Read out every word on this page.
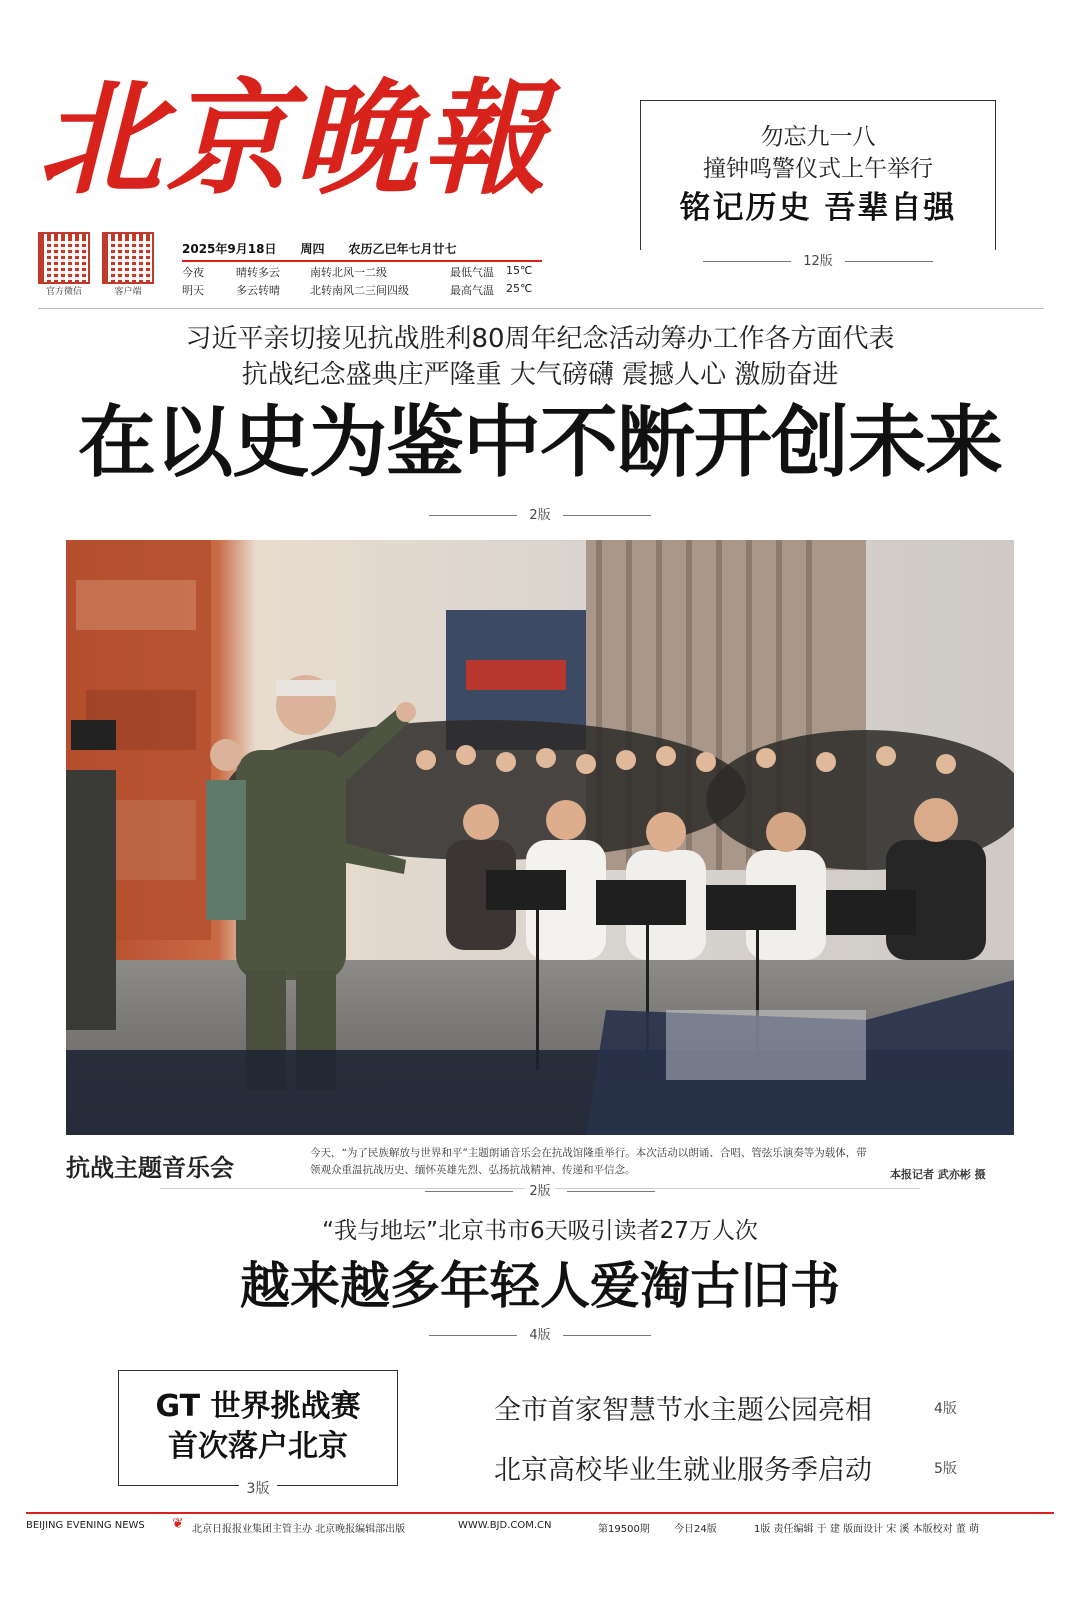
北京晚報
官方微信	客户端
2025年9月18日 周四 农历乙巳年七月廿七
今夜	晴转多云	南转北风一二级	最低气温 15℃
明天	多云转晴	北转南风二三间四级	最高气温 25℃
勿忘九一八
撞钟鸣警仪式上午举行
铭记历史 吾辈自强
12版
习近平亲切接见抗战胜利80周年纪念活动筹办工作各方面代表
抗战纪念盛典庄严隆重 大气磅礴 震撼人心 激励奋进
在以史为鉴中不断开创未来
2版
抗战主题音乐会
今天，“为了民族解放与世界和平”主题朗诵音乐会在抗战馆隆重举行。本次活动以朗诵、合唱、管弦乐演奏等为载体，带领观众重温抗战历史、缅怀英雄先烈、弘扬抗战精神、传递和平信念。	本报记者 武亦彬 摄
2版
“我与地坛”北京书市6天吸引读者27万人次
越来越多年轻人爱淘古旧书
4版
GT 世界挑战赛
首次落户北京
3版
全市首家智慧节水主题公园亮相	4版
北京高校毕业生就业服务季启动	5版
BEIJING EVENING NEWS ❦ 北京日报报业集团主管主办 北京晚报编辑部出版	WWW.BJD.COM.CN	第19500期 今日24版	1版 责任编辑 于 建 版面设计 宋 溪 本版校对 董 萌
